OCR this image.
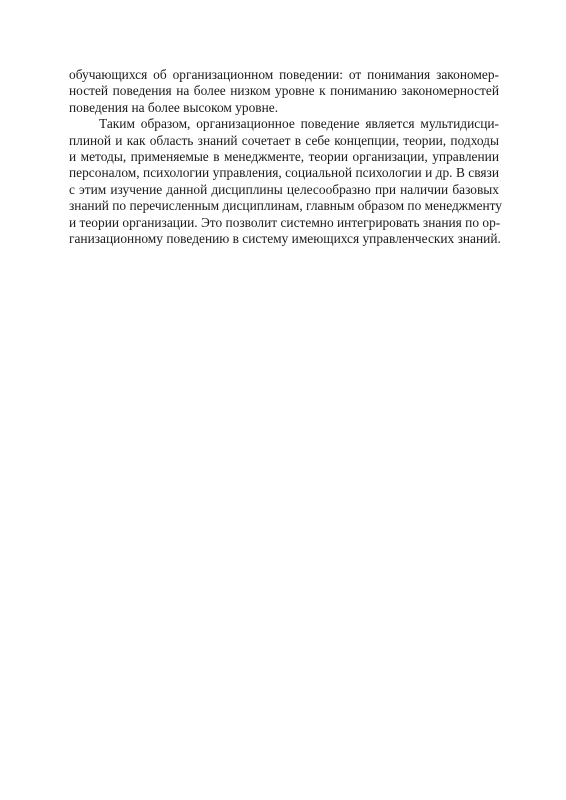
обучающихся об организационном поведении: от понимания закономер-
ностей поведения на более низком уровне к пониманию закономерностей
поведения на более высоком уровне.
Таким образом, организационное поведение является мультидисци-
плиной и как область знаний сочетает в себе концепции, теории, подходы
и методы, применяемые в менеджменте, теории организации, управлении
персоналом, психологии управления, социальной психологии и др. В связи
с этим изучение данной дисциплины целесообразно при наличии базовых
знаний по перечисленным дисциплинам, главным образом по менеджменту
и теории организации. Это позволит системно интегрировать знания по ор-
ганизационному поведению в систему имеющихся управленческих знаний.
